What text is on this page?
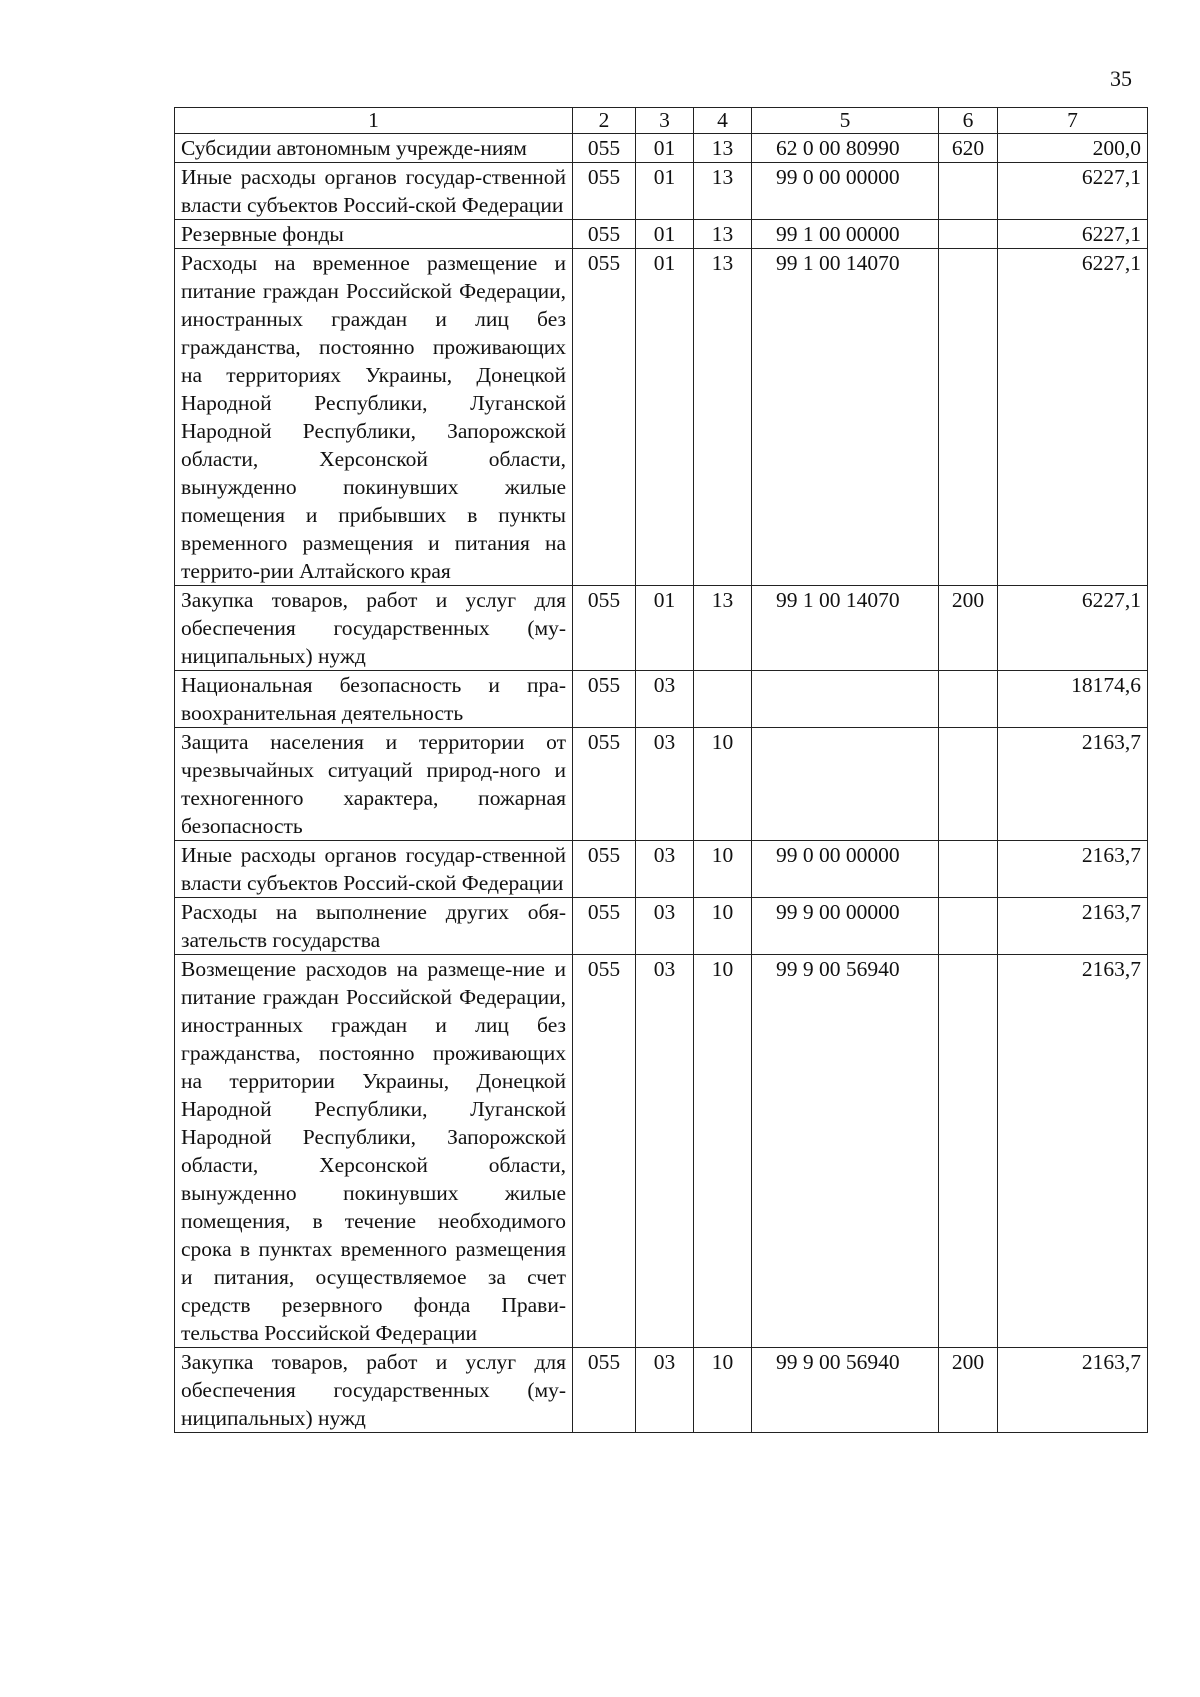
35
1	2	3	4	5	6	7
Субсидии автономным учрежде-ниям	055	01	13	62 0 00 80990	620	200,0
Иные расходы органов государ-ственной власти субъектов Россий-ской Федерации	055	01	13	99 0 00 00000		6227,1
Резервные фонды	055	01	13	99 1 00 00000		6227,1
Расходы на временное размещение и питание граждан Российской Федерации, иностранных граждан и лиц без гражданства, постоянно проживающих на территориях Украины, Донецкой Народной Республики, Луганской Народной Республики, Запорожской области, Херсонской области, вынужденно покинувших жилые помещения и прибывших в пункты временного размещения и питания на террито-рии Алтайского края	055	01	13	99 1 00 14070		6227,1
Закупка товаров, работ и услуг для обеспечения государственных (му-ниципальных) нужд	055	01	13	99 1 00 14070	200	6227,1
Национальная безопасность и пра-воохранительная деятельность	055	03				18174,6
Защита населения и территории от чрезвычайных ситуаций природ-ного и техногенного характера, пожарная безопасность	055	03	10			2163,7
Иные расходы органов государ-ственной власти субъектов Россий-ской Федерации	055	03	10	99 0 00 00000		2163,7
Расходы на выполнение других обя-зательств государства	055	03	10	99 9 00 00000		2163,7
Возмещение расходов на размеще-ние и питание граждан Российской Федерации, иностранных граждан и лиц без гражданства, постоянно проживающих на территории Украины, Донецкой Народной Республики, Луганской Народной Республики, Запорожской области, Херсонской области, вынужденно покинувших жилые помещения, в течение необходимого срока в пунктах временного размещения и питания, осуществляемое за счет средств резервного фонда Прави-тельства Российской Федерации	055	03	10	99 9 00 56940		2163,7
Закупка товаров, работ и услуг для обеспечения государственных (му-ниципальных) нужд	055	03	10	99 9 00 56940	200	2163,7
